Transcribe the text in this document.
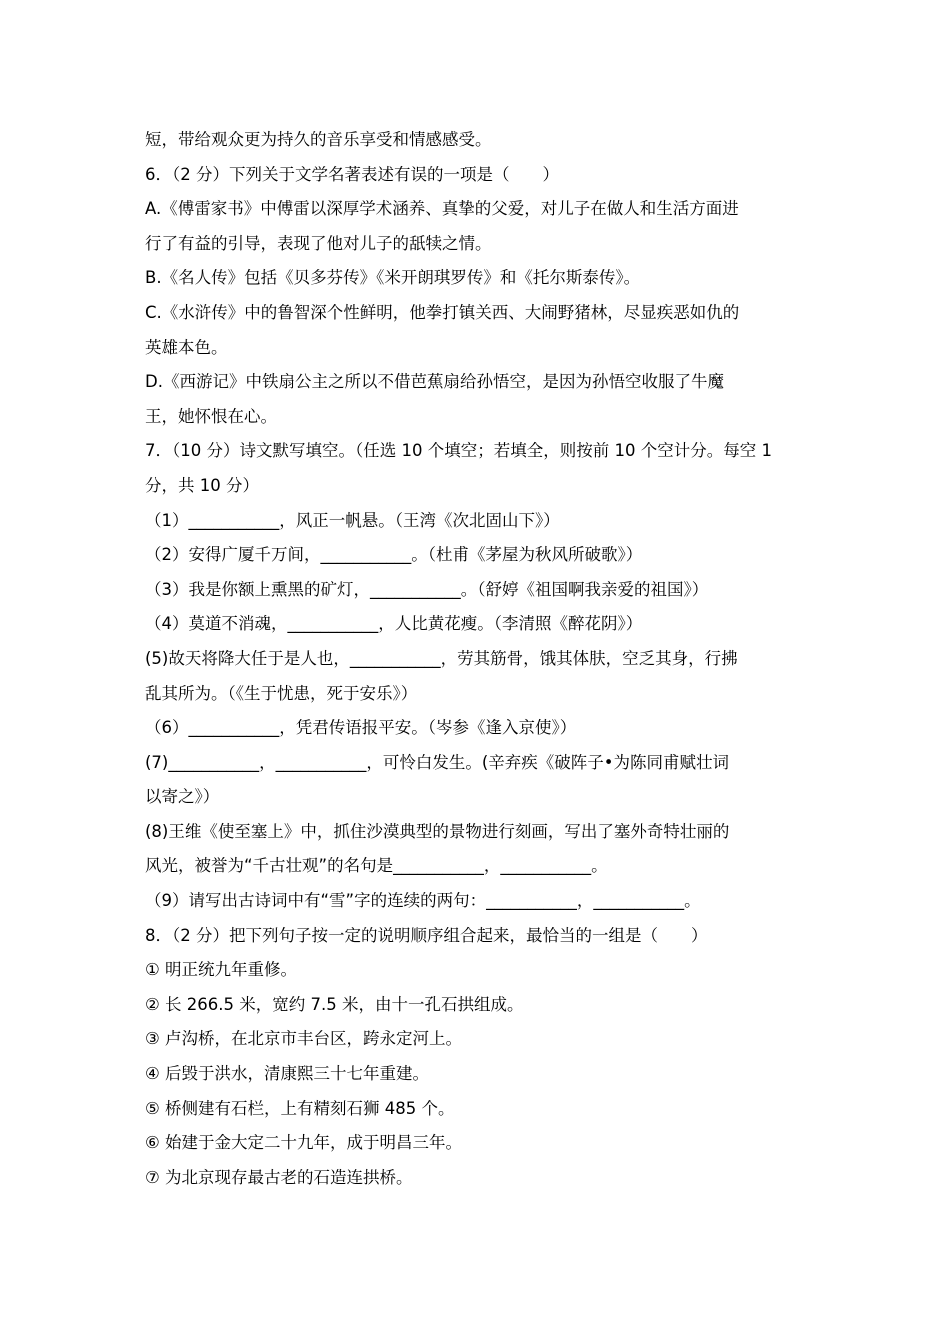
短，带给观众更为持久的音乐享受和情感感受。
6．（2 分）下列关于文学名著表述有误的一项是（　　）
A.《傅雷家书》中傅雷以深厚学术涵养、真挚的父爱，对儿子在做人和生活方面进
行了有益的引导，表现了他对儿子的舐犊之情。
B.《名人传》包括《贝多芬传》《米开朗琪罗传》和《托尔斯泰传》。
C.《水浒传》中的鲁智深个性鲜明，他拳打镇关西、大闹野猪林，尽显疾恶如仇的
英雄本色。
D.《西游记》中铁扇公主之所以不借芭蕉扇给孙悟空，是因为孙悟空收服了牛魔
王，她怀恨在心。
7．（10 分）诗文默写填空。（任选 10 个填空；若填全，则按前 10 个空计分。每空 1
分，共 10 分）
（1）___________，风正一帆悬。（王湾《次北固山下》）
（2）安得广厦千万间，___________。（杜甫《茅屋为秋风所破歌》）
（3）我是你额上熏黑的矿灯，___________。（舒婷《祖国啊我亲爱的祖国》）
（4）莫道不消魂，___________，人比黄花瘦。（李清照《醉花阴》）
(5)故天将降大任于是人也，___________，劳其筋骨，饿其体肤，空乏其身，行拂
乱其所为。（《生于忧患，死于安乐》）
（6）___________，凭君传语报平安。（岑参《逢入京使》）
(7)___________，___________，可怜白发生。(辛弃疾《破阵子•为陈同甫赋壮词
以寄之》）
(8)王维《使至塞上》中，抓住沙漠典型的景物进行刻画，写出了塞外奇特壮丽的
风光，被誉为“千古壮观”的名句是___________，___________。
（9）请写出古诗词中有“雪”字的连续的两句：___________，___________。
8．（2 分）把下列句子按一定的说明顺序组合起来，最恰当的一组是（　　）
① 明正统九年重修。
② 长 266.5 米，宽约 7.5 米，由十一孔石拱组成。
③ 卢沟桥，在北京市丰台区，跨永定河上。
④ 后毁于洪水，清康熙三十七年重建。
⑤ 桥侧建有石栏，上有精刻石狮 485 个。
⑥ 始建于金大定二十九年，成于明昌三年。
⑦ 为北京现存最古老的石造连拱桥。
